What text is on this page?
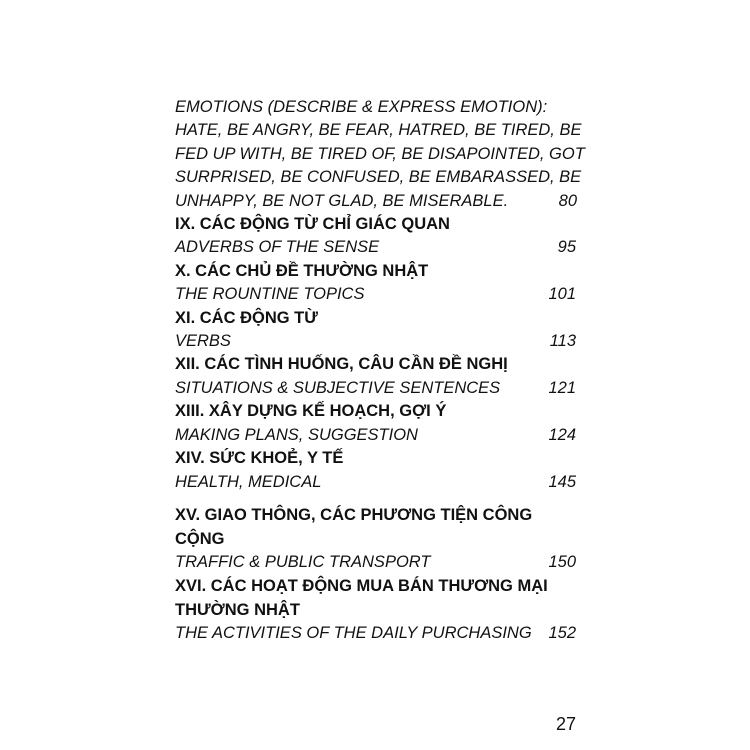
EMOTIONS (DESCRIBE & EXPRESS EMOTION):
HATE, BE ANGRY, BE FEAR, HATRED, BE TIRED, BE
FED UP WITH, BE TIRED OF, BE DISAPOINTED, GOT
SURPRISED, BE CONFUSED, BE EMBARASSED, BE
UNHAPPY, BE NOT GLAD, BE MISERABLE.	80
IX. CÁC ĐỘNG TỪ CHỈ GIÁC QUAN
ADVERBS OF THE SENSE	95
X. CÁC CHỦ ĐỀ THƯỜNG NHẬT
THE ROUNTINE TOPICS	101
XI. CÁC ĐỘNG TỪ
VERBS	113
XII. CÁC TÌNH HUỐNG, CÂU CẦN ĐỀ NGHỊ
SITUATIONS & SUBJECTIVE SENTENCES	121
XIII. XÂY DỰNG KẾ HOẠCH, GỢI Ý
MAKING PLANS, SUGGESTION	124
XIV. SỨC KHOẺ, Y TẾ
HEALTH, MEDICAL	145
XV. GIAO THÔNG, CÁC PHƯƠNG TIỆN CÔNG CỘNG
TRAFFIC & PUBLIC TRANSPORT	150
XVI. CÁC HOẠT ĐỘNG MUA BÁN THƯƠNG MẠI THƯỜNG NHẬT
THE ACTIVITIES OF THE DAILY PURCHASING 152
27
